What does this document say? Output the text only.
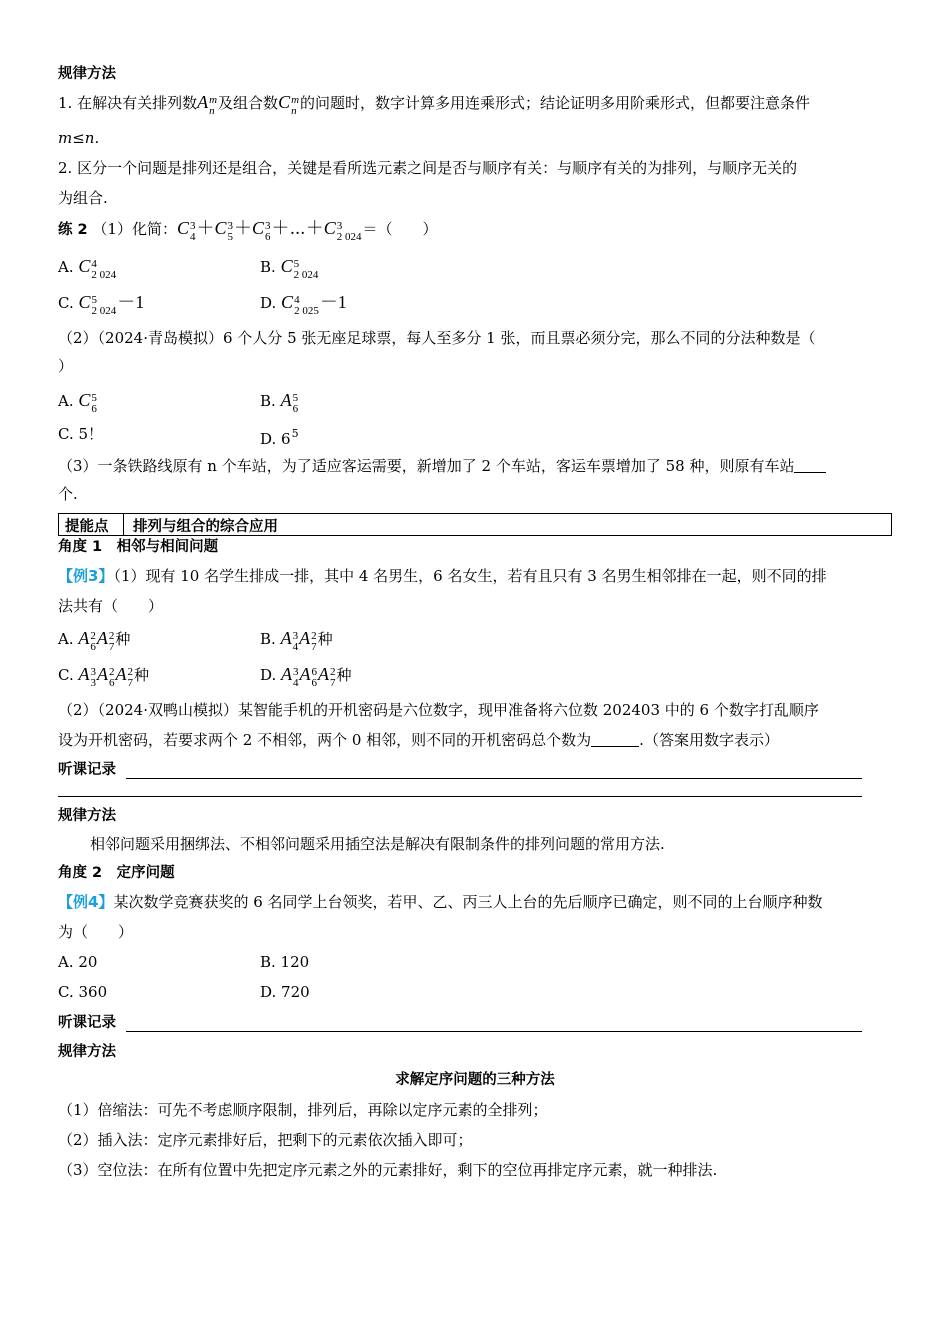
规律方法
1. 在解决有关排列数A m
n 及组合数C m
n 的问题时，数字计算多用连乘形式；结论证明多用阶乘形式，但都要注意条件
m≤n.
2. 区分一个问题是排列还是组合，关键是看所选元素之间是否与顺序有关：与顺序有关的为排列，与顺序无关的
为组合.
练 2 （1）化简：C 3
4 ＋C 3
5 ＋C 3
6 ＋⋯＋C 3
2 024 ＝（　　）
A. C 4
2 024	B. C 5
2 024
C. C 5
2 024 －1	D. C 4
2 025 －1
（2）（2024·青岛模拟）6 个人分 5 张无座足球票，每人至多分 1 张，而且票必须分完，那么不同的分法种数是（
）
A. C 5
6	B. A 5
6
C. 5！	D. $6^5$
（3）一条铁路线原有 n 个车站，为了适应客运需要，新增加了 2 个车站，客运车票增加了 58 种，则原有车站
个.
提能点 排列与组合的综合应用
角度 1　相邻与相间问题
【例3】（1）现有 10 名学生排成一排，其中 4 名男生，6 名女生，若有且只有 3 名男生相邻排在一起，则不同的排
法共有（　　）
A. A 2
6 A 2
7 种	B. A 3
4 A 2
7 种
C. A 3
3 A 2
6 A 2
7 种	D. A 3
4 A 6
6 A 2
7 种
（2）（2024·双鸭山模拟）某智能手机的开机密码是六位数字，现甲准备将六位数 202403 中的 6 个数字打乱顺序
设为开机密码，若要求两个 2 不相邻，两个 0 相邻，则不同的开机密码总个数为	.（答案用数字表示）
听课记录
规律方法
相邻问题采用捆绑法、不相邻问题采用插空法是解决有限制条件的排列问题的常用方法.
角度 2　定序问题
【例4】某次数学竞赛获奖的 6 名同学上台领奖，若甲、乙、丙三人上台的先后顺序已确定，则不同的上台顺序种数
为（　　）
A. 20	B. 120
C. 360	D. 720
听课记录
规律方法
求解定序问题的三种方法
（1）倍缩法：可先不考虑顺序限制，排列后，再除以定序元素的全排列；
（2）插入法：定序元素排好后，把剩下的元素依次插入即可；
（3）空位法：在所有位置中先把定序元素之外的元素排好，剩下的空位再排定序元素，就一种排法.
